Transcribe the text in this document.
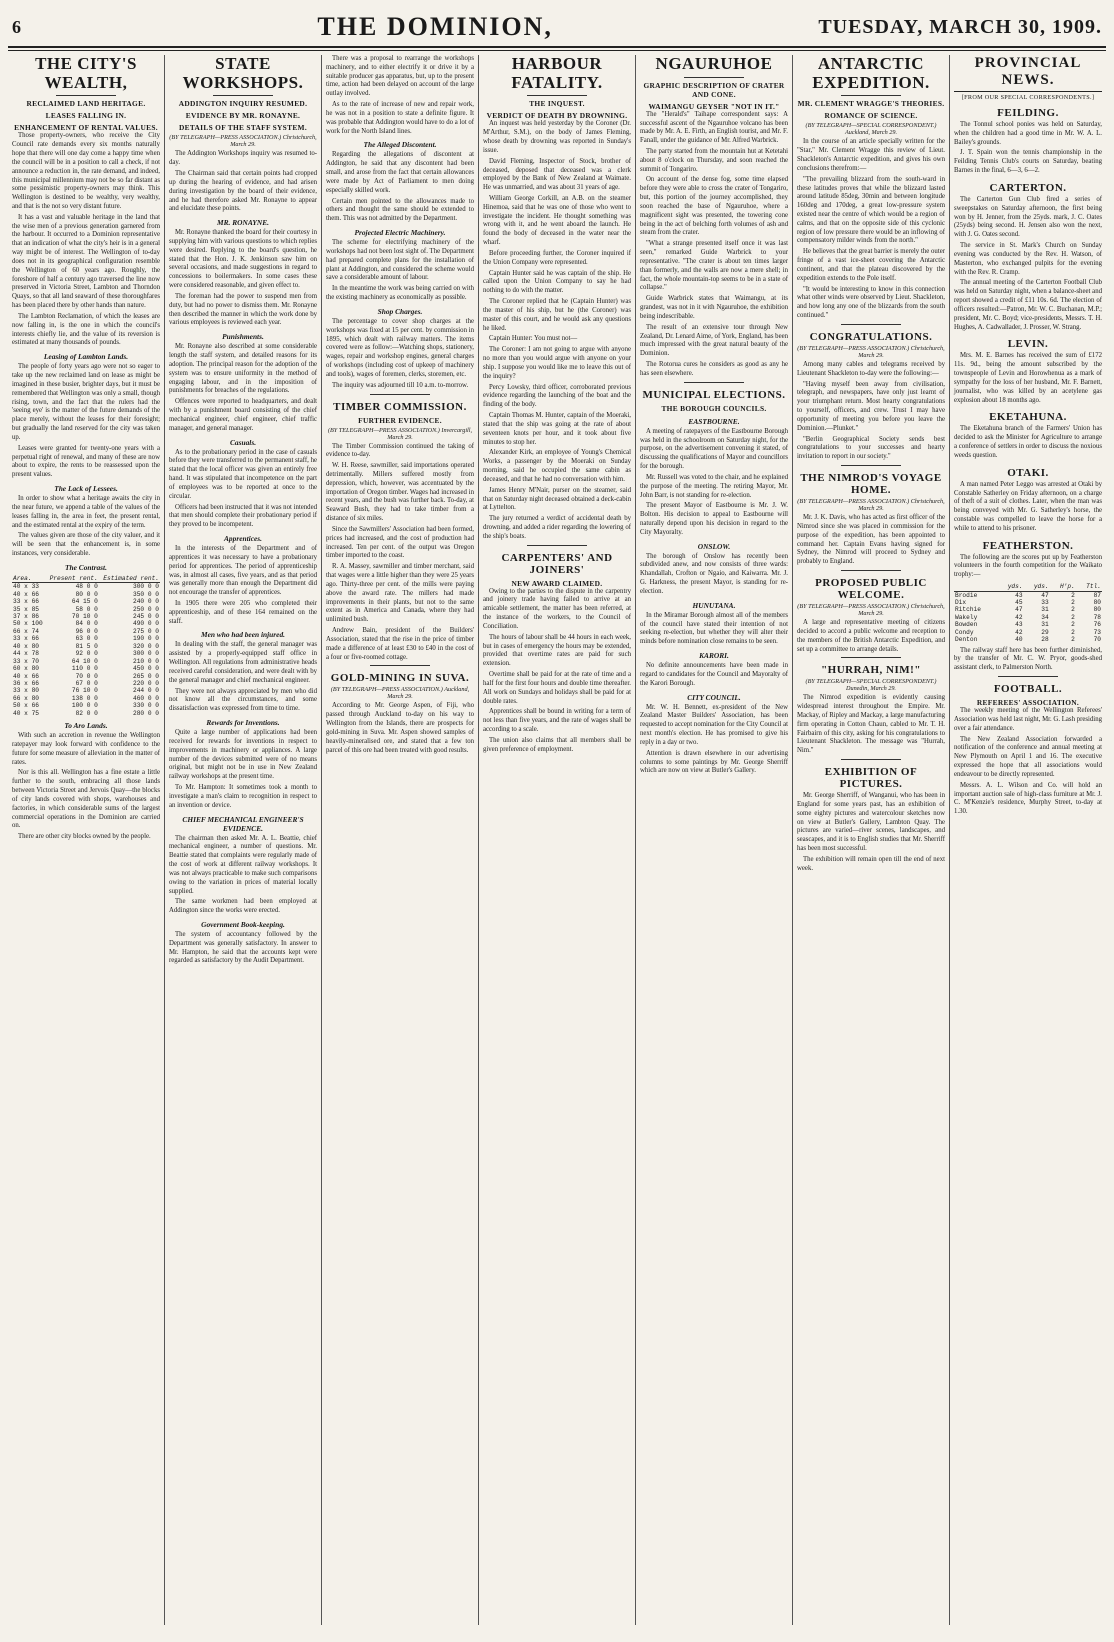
6	THE DOMINION,	TUESDAY, MARCH 30, 1909.
THE CITY'S WEALTH,
RECLAIMED LAND HERITAGE.
LEASES FALLING IN.
ENHANCEMENT OF RENTAL VALUES.

Those property-owners, who receive the City Council rate demands every six months naturally hope that there will one day come a happy time when the council will be in a position to call a check, if not announce a reduction in, the rate demand, and indeed, this municipal millennium may not be so far distant as some pessimistic property-owners may think. This Wellington is destined to be wealthy, very wealthy, and that is the not so very distant future.

It has a vast and valuable heritage in the land that the wise men of a previous generation garnered from the harbour. It occurred to a Dominion representative that an indication of what the city's heir is in a general way might be of interest. The Wellington of to-day does not in its geographical configuration resemble the Wellington of 60 years ago. Roughly, the foreshore of half a century ago traversed the line now preserved in Victoria Street, Lambton and Thorndon Quays, so that all land seaward of these thoroughfares has been placed there by other hands than nature.

The Lambton Reclamation, of which the leases are now falling in, is the one in which the council's interests chiefly lie, and the value of its reversion is estimated at many thousands of pounds.

Leasing of Lambton Lands.

The people of forty years ago were not so eager to take up the new reclaimed land on lease as might be imagined in these busier, brighter days, but it must be remembered that Wellington was only a small, though rising, town, and the fact that the rulers had the 'seeing eye' is the matter of the future demands of the place merely, without the leases for their foresight; but gradually the land reserved for the city was taken up.

Leases were granted for twenty-one years with a perpetual right of renewal, and many of these are now about to expire, the rents to be reassessed upon the present values.

The Lack of Lessees.

In order to show what a heritage awaits the city in the near future, we append a table of the values of the leases falling in, the area in feet, the present rental, and the estimated rental at the expiry of the term.

The values given are those of the city valuer, and it will be seen that the enhancement is, in some instances, very considerable.

The Contrast.
Area.	Present rent.	Estimated rent.
40 x 33	48 0 0	300 0 0
40 x 66	80 0 0	350 0 0
33 x 66	64 15 0	240 0 0
35 x 85	58 0 0	250 0 0
37 x 86	70 10 0	245 0 0
50 x 100	84 0 0	490 0 0
66 x 74	96 0 0	275 0 0
33 x 66	63 0 0	190 0 0
40 x 80	81 5 0	320 0 0
44 x 78	92 0 0	300 0 0
33 x 70	64 10 0	210 0 0
60 x 80	110 0 0	450 0 0
40 x 66	70 0 0	265 0 0
36 x 66	67 0 0	220 0 0
33 x 80	76 10 0	244 0 0
66 x 80	138 0 0	460 0 0
50 x 66	100 0 0	330 0 0
40 x 75	82 0 0	280 0 0
To Aro Lands.

With such an accretion in revenue the Wellington ratepayer may look forward with confidence to the future for some measure of alleviation in the matter of rates.

Nor is this all. Wellington has a fine estate a little further to the south, embracing all those lands between Victoria Street and Jervois Quay—the blocks of city lands covered with shops, warehouses and factories, in which considerable sums of the largest commercial operations in the Dominion are carried on.

There are other city blocks owned by the people.

STATE WORKSHOPS.
ADDINGTON INQUIRY RESUMED.
EVIDENCE BY MR. RONAYNE.
DETAILS OF THE STAFF SYSTEM.
(BY TELEGRAPH—PRESS ASSOCIATION.) Christchurch, March 29.

The Addington Workshops inquiry was resumed to-day.

The Chairman said that certain points had cropped up during the hearing of evidence, and had arisen during investigation by the board of their evidence, and he had therefore asked Mr. Ronayne to appear and elucidate these points.

MR. RONAYNE.

Mr. Ronayne thanked the board for their courtesy in supplying him with various questions to which replies were desired. Replying to the board's question, he stated that the Hon. J. K. Jenkinson saw him on several occasions, and made suggestions in regard to concessions to boilermakers. In some cases these were considered reasonable, and given effect to.

The foreman had the power to suspend men from duty, but had no power to dismiss them. Mr. Ronayne then described the manner in which the work done by various employees is reviewed each year.

Punishments.

Mr. Ronayne also described at some considerable length the staff system, and detailed reasons for its adoption. The principal reason for the adoption of the system was to ensure uniformity in the method of engaging labour, and in the imposition of punishments for breaches of the regulations.

Offences were reported to headquarters, and dealt with by a punishment board consisting of the chief mechanical engineer, chief engineer, chief traffic manager, and general manager.

Casuals.

As to the probationary period in the case of casuals before they were transferred to the permanent staff, he stated that the local officer was given an entirely free hand. It was stipulated that incompetence on the part of employees was to be reported at once to the circular.

Officers had been instructed that it was not intended that men should complete their probationary period if they proved to be incompetent.

Apprentices.

In the interests of the Department and of apprentices it was necessary to have a probationary period for apprentices. The period of apprenticeship was, in almost all cases, five years, and as that period was generally more than enough the Department did not encourage the transfer of apprentices.

In 1905 there were 205 who completed their apprenticeship, and of these 164 remained on the staff.

Men who had been injured.

In dealing with the staff, the general manager was assisted by a properly-equipped staff office in Wellington. All regulations from administrative heads received careful consideration, and were dealt with by the general manager and chief mechanical engineer.

They were not always appreciated by men who did not know all the circumstances, and some dissatisfaction was expressed from time to time.

Rewards for Inventions.

Quite a large number of applications had been received for rewards for inventions in respect to improvements in machinery or appliances. A large number of the devices submitted were of no means original, but might not be in use in New Zealand railway workshops at the present time.

To Mr. Hampton: It sometimes took a month to investigate a man's claim to recognition in respect to an invention or device.

CHIEF MECHANICAL ENGINEER'S EVIDENCE.

The chairman then asked Mr. A. L. Beattie, chief mechanical engineer, a number of questions. Mr. Beattie stated that complaints were regularly made of the cost of work at different railway workshops. It was not always practicable to make such comparisons owing to the variation in prices of material locally supplied.

The same workmen had been employed at Addington since the works were erected.

Government Book-keeping.

The system of accountancy followed by the Department was generally satisfactory. In answer to Mr. Hampton, he said that the accounts kept were regarded as satisfactory by the Audit Department.

There was a proposal to rearrange the workshops machinery, and to either electrify it or drive it by a suitable producer gas apparatus, but, up to the present time, action had been delayed on account of the large outlay involved.

As to the rate of increase of new and repair work, he was not in a position to state a definite figure. It was probable that Addington would have to do a lot of work for the North Island lines.

The Alleged Discontent.

Regarding the allegations of discontent at Addington, he said that any discontent had been small, and arose from the fact that certain allowances were made by Act of Parliament to men doing especially skilled work.

Certain men pointed to the allowances made to others and thought the same should be extended to them. This was not admitted by the Department.

Projected Electric Machinery.

The scheme for electrifying machinery of the workshops had not been lost sight of. The Department had prepared complete plans for the installation of plant at Addington, and considered the scheme would save a considerable amount of labour.

In the meantime the work was being carried on with the existing machinery as economically as possible.

Shop Charges.

The percentage to cover shop charges at the workshops was fixed at 15 per cent. by commission in 1895, which dealt with railway matters. The items covered were as follow:—Watching shops, stationery, wages, repair and workshop engines, general charges of workshops (including cost of upkeep of machinery and tools), wages of foremen, clerks, storemen, etc.

The inquiry was adjourned till 10 a.m. to-morrow.

TIMBER COMMISSION.
FURTHER EVIDENCE.
(BY TELEGRAPH—PRESS ASSOCIATION.) Invercargill, March 29.

The Timber Commission continued the taking of evidence to-day.

W. H. Reese, sawmiller, said importations operated detrimentally. Millers suffered mostly from depression, which, however, was accentuated by the importation of Oregon timber. Wages had increased in recent years, and the bush was further back. To-day, at Seaward Bush, they had to take timber from a distance of six miles.

Since the Sawmillers' Association had been formed, prices had increased, and the cost of production had increased. Ten per cent. of the output was Oregon timber imported to the coast.

R. A. Massey, sawmiller and timber merchant, said that wages were a little higher than they were 25 years ago. Thirty-three per cent. of the mills were paying above the award rate. The millers had made improvements in their plants, but not to the same extent as in America and Canada, where they had unlimited bush.

Andrew Bain, president of the Builders' Association, stated that the rise in the price of timber made a difference of at least £30 to £40 in the cost of a four or five-roomed cottage.

GOLD-MINING IN SUVA.
(BY TELEGRAPH—PRESS ASSOCIATION.) Auckland, March 29.

According to Mr. George Aspen, of Fiji, who passed through Auckland to-day on his way to Wellington from the Islands, there are prospects for gold-mining in Suva. Mr. Aspen showed samples of heavily-mineralised ore, and stated that a few ton parcel of this ore had been treated with good results.

HARBOUR FATALITY.
THE INQUEST.
VERDICT OF DEATH BY DROWNING.

An inquest was held yesterday by the Coroner (Dr. M'Arthur, S.M.), on the body of James Fleming, whose death by drowning was reported in Sunday's issue.

David Fleming, Inspector of Stock, brother of deceased, deposed that deceased was a clerk employed by the Bank of New Zealand at Waimate. He was unmarried, and was about 31 years of age.

William George Corkill, an A.B. on the steamer Hinemoa, said that he was one of those who went to investigate the incident. He thought something was wrong with it, and he went aboard the launch. He found the body of deceased in the water near the wharf.

Before proceeding further, the Coroner inquired if the Union Company were represented.

Captain Hunter said he was captain of the ship. He called upon the Union Company to say he had nothing to do with the matter.

The Coroner replied that he (Captain Hunter) was the master of his ship, but he (the Coroner) was master of this court, and he would ask any questions he liked.

Captain Hunter: You must not—

The Coroner: I am not going to argue with anyone no more than you would argue with anyone on your ship. I suppose you would like me to leave this out of the inquiry?

Percy Lowsky, third officer, corroborated previous evidence regarding the launching of the boat and the finding of the body.

Captain Thomas M. Hunter, captain of the Moeraki, stated that the ship was going at the rate of about seventeen knots per hour, and it took about five minutes to stop her.

Alexander Kirk, an employee of Young's Chemical Works, a passenger by the Moeraki on Sunday morning, said he occupied the same cabin as deceased, and that he had no conversation with him.

James Henry M'Nair, purser on the steamer, said that on Saturday night deceased obtained a deck-cabin at Lyttelton.

The jury returned a verdict of accidental death by drowning, and added a rider regarding the lowering of the ship's boats.

CARPENTERS' AND JOINERS'
NEW AWARD CLAIMED.

Owing to the parties to the dispute in the carpentry and joinery trade having failed to arrive at an amicable settlement, the matter has been referred, at the instance of the workers, to the Council of Conciliation.

The hours of labour shall be 44 hours in each week, but in cases of emergency the hours may be extended, provided that overtime rates are paid for such extension.

Overtime shall be paid for at the rate of time and a half for the first four hours and double time thereafter. All work on Sundays and holidays shall be paid for at double rates.

Apprentices shall be bound in writing for a term of not less than five years, and the rate of wages shall be according to a scale.

The union also claims that all members shall be given preference of employment.

NGAURUHOE
GRAPHIC DESCRIPTION OF CRATER AND CONE.
WAIMANGU GEYSER "NOT IN IT."

The "Herald's" Taihape correspondent says: A successful ascent of the Ngauruhoe volcano has been made by Mr. A. E. Firth, an English tourist, and Mr. F. Fanall, under the guidance of Mr. Alfred Warbrick.

The party started from the mountain hut at Ketetahi about 8 o'clock on Thursday, and soon reached the summit of Tongariro.

On account of the dense fog, some time elapsed before they were able to cross the crater of Tongariro, but, this portion of the journey accomplished, they soon reached the base of Ngauruhoe, where a magnificent sight was presented, the towering cone being in the act of belching forth volumes of ash and steam from the crater.

"What a strange presented itself once it was last seen," remarked Guide Warbrick to your representative. "The crater is about ten times larger than formerly, and the walls are now a mere shell; in fact, the whole mountain-top seems to be in a state of collapse."

Guide Warbrick states that Waimangu, at its grandest, was not in it with Ngauruhoe, the exhibition being indescribable.

The result of an extensive tour through New Zealand, Dr. Lenard Aime, of York, England, has been much impressed with the great natural beauty of the Dominion.

The Rotorua cures he considers as good as any he has seen elsewhere.

MUNICIPAL ELECTIONS.
THE BOROUGH COUNCILS.
EASTBOURNE.

A meeting of ratepayers of the Eastbourne Borough was held in the schoolroom on Saturday night, for the purpose, on the advertisement convening it stated, of discussing the qualifications of Mayor and councillors for the borough.

Mr. Russell was voted to the chair, and he explained the purpose of the meeting. The retiring Mayor, Mr. John Barr, is not standing for re-election.

The present Mayor of Eastbourne is Mr. J. W. Bolton. His decision to appeal to Eastbourne will naturally depend upon his decision in regard to the City Mayoralty.

ONSLOW.

The borough of Onslow has recently been subdivided anew, and now consists of three wards: Khandallah, Crofton or Ngaio, and Kaiwarra. Mr. J. G. Harkness, the present Mayor, is standing for re-election.

HUNUTANA.

In the Miramar Borough almost all of the members of the council have stated their intention of not seeking re-election, but whether they will alter their minds before nomination close remains to be seen.

KARORI.

No definite announcements have been made in regard to candidates for the Council and Mayoralty of the Karori Borough.

CITY COUNCIL.

Mr. W. H. Bennett, ex-president of the New Zealand Master Builders' Association, has been requested to accept nomination for the City Council at next month's election. He has promised to give his reply in a day or two.

Attention is drawn elsewhere in our advertising columns to some paintings by Mr. George Sherriff which are now on view at Butler's Gallery.

ANTARCTIC EXPEDITION.
MR. CLEMENT WRAGGE'S THEORIES.
ROMANCE OF SCIENCE.
(BY TELEGRAPH—SPECIAL CORRESPONDENT.) Auckland, March 29.

In the course of an article specially written for the "Star," Mr. Clement Wragge this review of Lieut. Shackleton's Antarctic expedition, and gives his own conclusions therefrom:—

"The prevailing blizzard from the south-ward in these latitudes proves that while the blizzard lasted around latitude 85deg, 30min and between longitude 160deg and 170deg, a great low-pressure system existed near the centre of which would be a region of calms, and that on the opposite side of this cyclonic region of low pressure there would be an inflowing of compensatory milder winds from the north."

He believes that the great barrier is merely the outer fringe of a vast ice-sheet covering the Antarctic continent, and that the plateau discovered by the expedition extends to the Pole itself.

"It would be interesting to know in this connection what other winds were observed by Lieut. Shackleton, and how long any one of the blizzards from the south continued."

CONGRATULATIONS.
(BY TELEGRAPH—PRESS ASSOCIATION.) Christchurch, March 29.

Among many cables and telegrams received by Lieutenant Shackleton to-day were the following:—

"Having myself been away from civilisation, telegraph, and newspapers, have only just learnt of your triumphant return. Most hearty congratulations to yourself, officers, and crew. Trust I may have opportunity of meeting you before you leave the Dominion.—Plunket."

"Berlin Geographical Society sends best congratulations to your successes and hearty invitation to report in our society."

THE NIMROD'S VOYAGE HOME.
(BY TELEGRAPH—PRESS ASSOCIATION.) Christchurch, March 29.

Mr. J. K. Davis, who has acted as first officer of the Nimrod since she was placed in commission for the purpose of the expedition, has been appointed to command her. Captain Evans having signed for Sydney, the Nimrod will proceed to Sydney and probably to England.

PROPOSED PUBLIC WELCOME.
(BY TELEGRAPH—PRESS ASSOCIATION.) Christchurch, March 29.

A large and representative meeting of citizens decided to accord a public welcome and reception to the members of the British Antarctic Expedition, and set up a committee to arrange details.

"HURRAH, NIM!"
(BY TELEGRAPH—SPECIAL CORRESPONDENT.) Dunedin, March 29.

The Nimrod expedition is evidently causing widespread interest throughout the Empire. Mr. Mackay, of Ripley and Mackay, a large manufacturing firm operating in Cotton Chaun, cabled to Mr. T. H. Fairbairn of this city, asking for his congratulations to Lieutenant Shackleton. The message was "Hurrah, Nim."

EXHIBITION OF PICTURES.

Mr. George Sherriff, of Wanganui, who has been in England for some years past, has an exhibition of some eighty pictures and watercolour sketches now on view at Butler's Gallery, Lambton Quay. The pictures are varied—river scenes, landscapes, and seascapes, and it is to English studies that Mr. Sherriff has been most successful.

The exhibition will remain open till the end of next week.

PROVINCIAL NEWS.
[FROM OUR SPECIAL CORRESPONDENTS.]
FEILDING.

The Tonnul school ponies was held on Saturday, when the children had a good time in Mr. W. A. L. Bailey's grounds.

J. T. Spain won the tennis championship in the Feilding Tennis Club's courts on Saturday, beating Barnes in the final, 6—3, 6—2.

CARTERTON.

The Carterton Gun Club fired a series of sweepstakes on Saturday afternoon, the first being won by H. Jenner, from the 25yds. mark, J. C. Oates (25yds) being second. H. Jensen also won the next, with J. G. Oates second.

The service in St. Mark's Church on Sunday evening was conducted by the Rev. H. Watson, of Masterton, who exchanged pulpits for the evening with the Rev. R. Cramp.

The annual meeting of the Carterton Football Club was held on Saturday night, when a balance-sheet and report showed a credit of £11 10s. 6d. The election of officers resulted:—Patron, Mr. W. C. Buchanan, M.P.; president, Mr. C. Boyd; vice-presidents, Messrs. T. H. Hughes, A. Cadwallader, J. Prosser, W. Strang.

LEVIN.

Mrs. M. E. Barnes has received the sum of £172 11s. 9d., being the amount subscribed by the townspeople of Levin and Horowhenua as a mark of sympathy for the loss of her husband, Mr. F. Barnett, journalist, who was killed by an acetylene gas explosion about 18 months ago.

EKETAHUNA.

The Eketahuna branch of the Farmers' Union has decided to ask the Minister for Agriculture to arrange a conference of settlers in order to discuss the noxious weeds question.

OTAKI.

A man named Peter Leggo was arrested at Otaki by Constable Satherley on Friday afternoon, on a charge of theft of a suit of clothes. Later, when the man was being conveyed with Mr. G. Satherley's horse, the constable was compelled to leave the horse for a while to attend to his prisoner.

FEATHERSTON.

The following are the scores put up by Featherston volunteers in the fourth competition for the Waikato trophy:—

	yds.	yds.	H'p.	Ttl.
Brodie	43	47	2	87
Dix	45	33	2	80
Ritchie	47	31	2	80
Wakely	42	34	2	78
Bowden	43	31	2	76
Condy	42	29	2	73
Denton	40	28	2	70

The railway staff here has been further diminished, by the transfer of Mr. C. W. Pryor, goods-shed assistant clerk, to Palmerston North.

FOOTBALL.
REFEREES' ASSOCIATION.

The weekly meeting of the Wellington Referees' Association was held last night, Mr. G. Lash presiding over a fair attendance.

The New Zealand Association forwarded a notification of the conference and annual meeting at New Plymouth on April 1 and 16. The executive expressed the hope that all associations would endeavour to be directly represented.

Messrs. A. L. Wilson and Co. will hold an important auction sale of high-class furniture at Mr. J. C. M'Kenzie's residence, Murphy Street, to-day at 1.30.
